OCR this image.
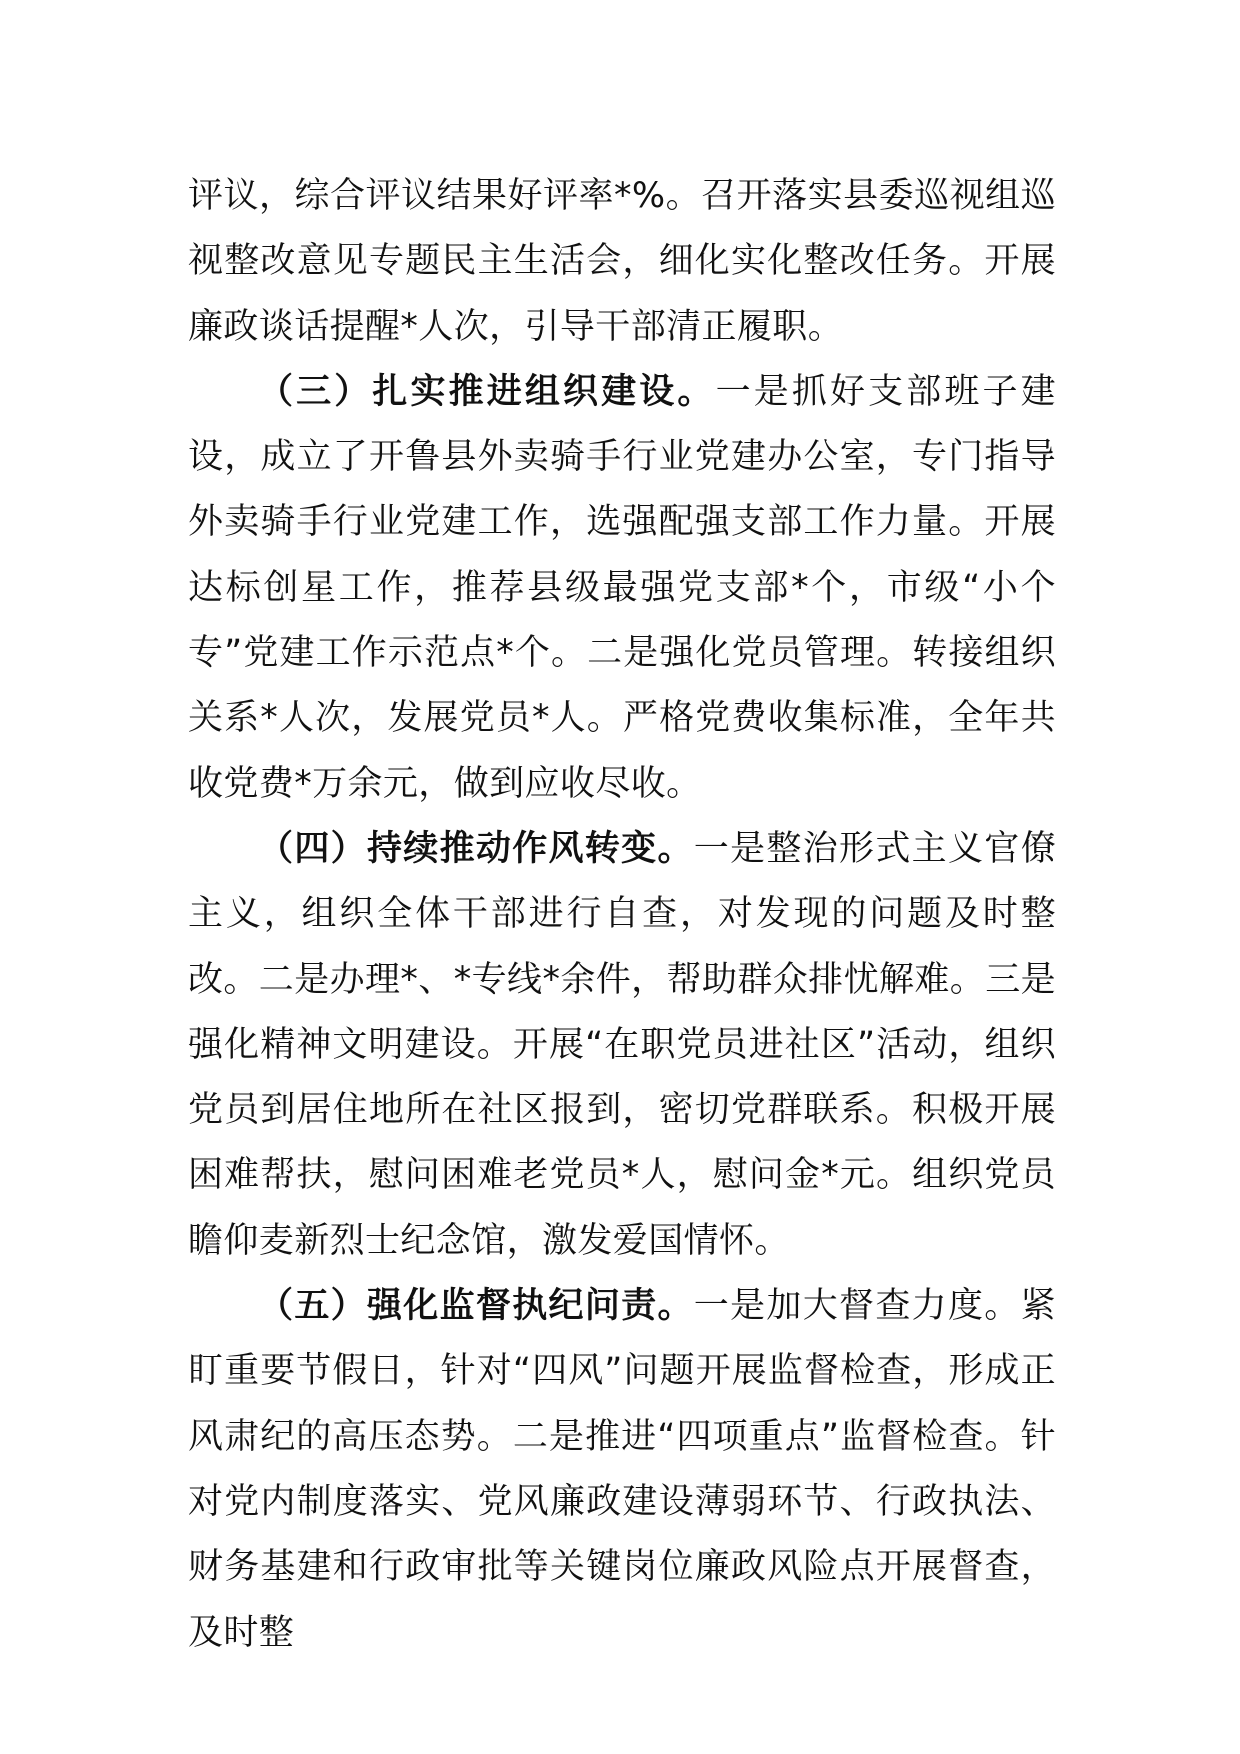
评议，综合评议结果好评率*%。召开落实县委巡视组巡视整改意见专题民主生活会，细化实化整改任务。开展廉政谈话提醒*人次，引导干部清正履职。

（三）扎实推进组织建设。一是抓好支部班子建设，成立了开鲁县外卖骑手行业党建办公室，专门指导外卖骑手行业党建工作，选强配强支部工作力量。开展达标创星工作，推荐县级最强党支部*个，市级“小个专”党建工作示范点*个。二是强化党员管理。转接组织关系*人次，发展党员*人。严格党费收集标准，全年共收党费*万余元，做到应收尽收。

（四）持续推动作风转变。一是整治形式主义官僚主义，组织全体干部进行自查，对发现的问题及时整改。二是办理*、*专线*余件，帮助群众排忧解难。三是强化精神文明建设。开展“在职党员进社区”活动，组织党员到居住地所在社区报到，密切党群联系。积极开展困难帮扶，慰问困难老党员*人，慰问金*元。组织党员瞻仰麦新烈士纪念馆，激发爱国情怀。

（五）强化监督执纪问责。一是加大督查力度。紧盯重要节假日，针对“四风”问题开展监督检查，形成正风肃纪的高压态势。二是推进“四项重点”监督检查。针对党内制度落实、党风廉政建设薄弱环节、行政执法、财务基建和行政审批等关键岗位廉政风险点开展督查，及时整
